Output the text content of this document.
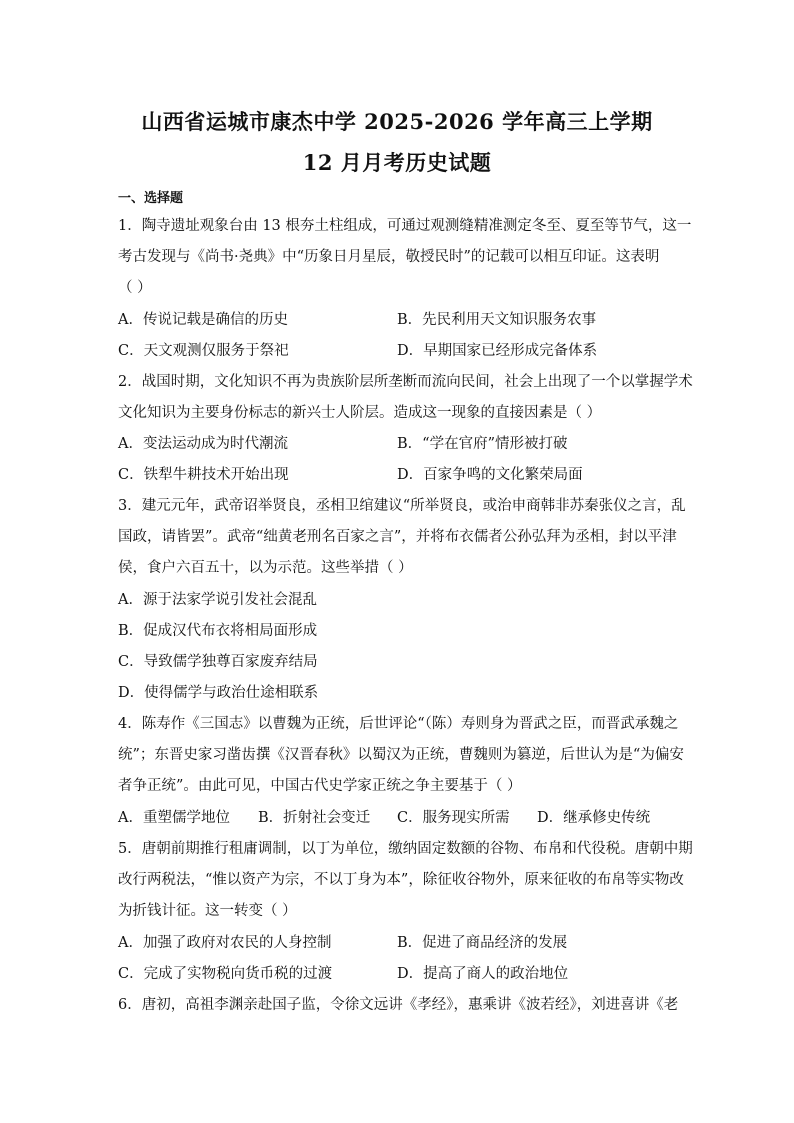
山西省运城市康杰中学 2025-2026 学年高三上学期
12 月月考历史试题
一、选择题
1．陶寺遗址观象台由 13 根夯土柱组成，可通过观测缝精准测定冬至、夏至等节气，这一
考古发现与《尚书·尧典》中“历象日月星辰，敬授民时”的记载可以相互印证。这表明
（ ）
A．传说记载是确信的历史	B．先民利用天文知识服务农事
C．天文观测仅服务于祭祀	D．早期国家已经形成完备体系
2．战国时期，文化知识不再为贵族阶层所垄断而流向民间，社会上出现了一个以掌握学术
文化知识为主要身份标志的新兴士人阶层。造成这一现象的直接因素是（ ）
A．变法运动成为时代潮流	B．“学在官府”情形被打破
C．铁犁牛耕技术开始出现	D．百家争鸣的文化繁荣局面
3．建元元年，武帝诏举贤良，丞相卫绾建议“所举贤良，或治申商韩非苏秦张仪之言，乱
国政，请皆罢”。武帝“绌黄老刑名百家之言”，并将布衣儒者公孙弘拜为丞相，封以平津
侯，食户六百五十，以为示范。这些举措（ ）
A．源于法家学说引发社会混乱
B．促成汉代布衣将相局面形成
C．导致儒学独尊百家废弃结局
D．使得儒学与政治仕途相联系
4．陈寿作《三国志》以曹魏为正统，后世评论“（陈）寿则身为晋武之臣，而晋武承魏之
统”；东晋史家习凿齿撰《汉晋春秋》以蜀汉为正统，曹魏则为篡逆，后世认为是“为偏安
者争正统”。由此可见，中国古代史学家正统之争主要基于（ ）
A．重塑儒学地位 B．折射社会变迁 C．服务现实所需 D．继承修史传统
5．唐朝前期推行租庸调制，以丁为单位，缴纳固定数额的谷物、布帛和代役税。唐朝中期
改行两税法，“惟以资产为宗，不以丁身为本”，除征收谷物外，原来征收的布帛等实物改
为折钱计征。这一转变（ ）
A．加强了政府对农民的人身控制	B．促进了商品经济的发展
C．完成了实物税向货币税的过渡	D．提高了商人的政治地位
6．唐初，高祖李渊亲赴国子监，令徐文远讲《孝经》，惠乘讲《波若经》，刘进喜讲《老
